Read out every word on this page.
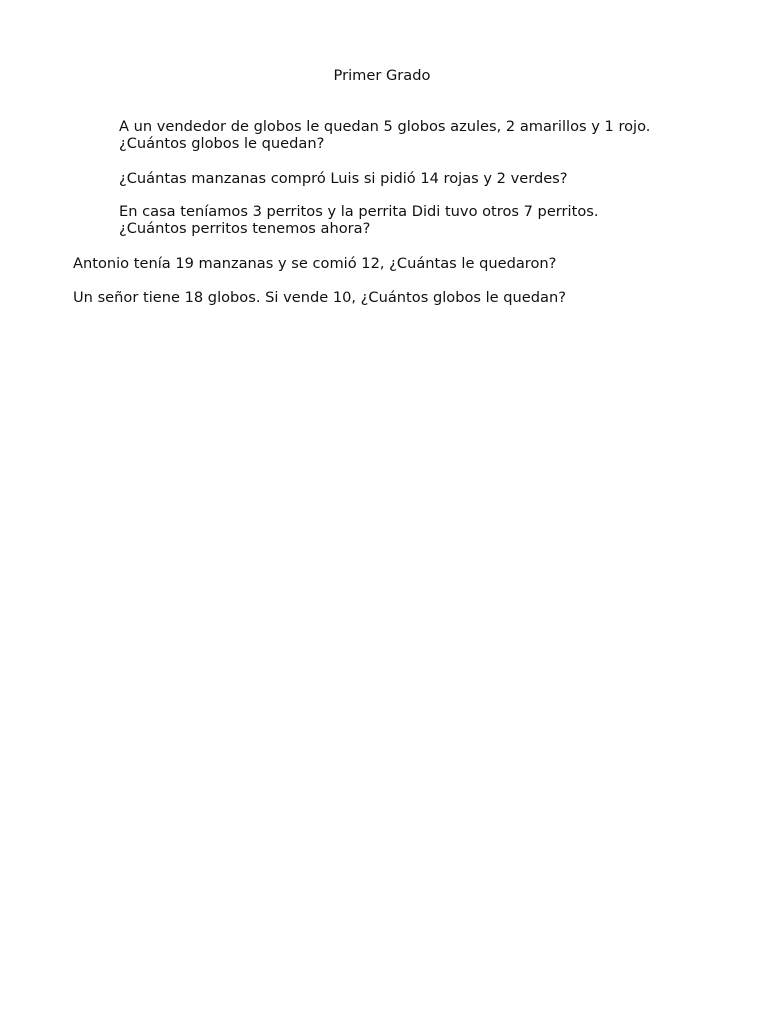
Primer Grado
A un vendedor de globos le quedan 5 globos azules, 2 amarillos y 1 rojo.
¿Cuántos globos le quedan?
¿Cuántas manzanas compró Luis si pidió 14 rojas y 2 verdes?
En casa teníamos 3 perritos y la perrita Didi tuvo otros 7 perritos.
¿Cuántos perritos tenemos ahora?
Antonio tenía 19 manzanas y se comió 12, ¿Cuántas le quedaron?
Un señor tiene 18 globos. Si vende 10, ¿Cuántos globos le quedan?
